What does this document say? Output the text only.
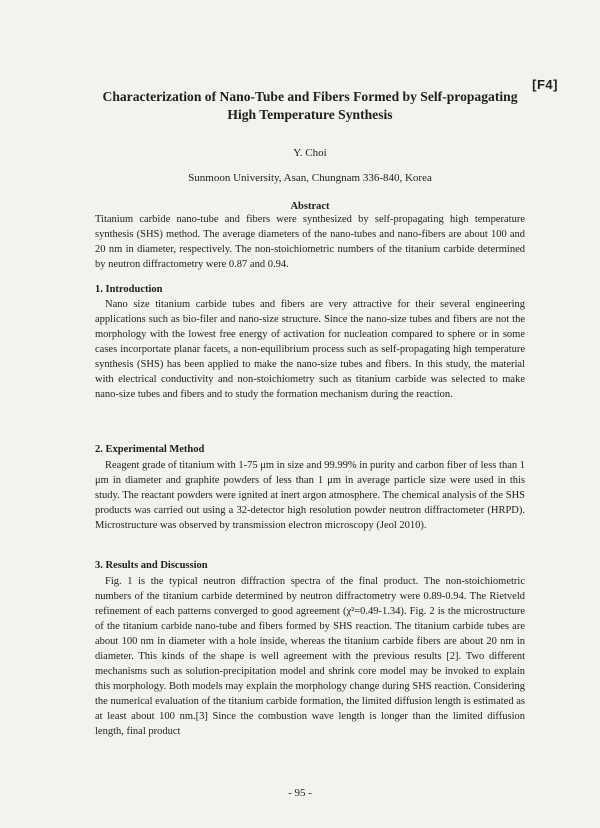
[F4]
Characterization of Nano-Tube and Fibers Formed by Self-propagating
High Temperature Synthesis
Y. Choi
Sunmoon University, Asan, Chungnam 336-840, Korea
Abstract

Titanium carbide nano-tube and fibers were synthesized by self-propagating high temperature synthesis (SHS) method. The average diameters of the nano-tubes and nano-fibers are about 100 and 20 nm in diameter, respectively. The non-stoichiometric numbers of the titanium carbide determined by neutron diffractometry were 0.87 and 0.94.

1. Introduction

Nano size titanium carbide tubes and fibers are very attractive for their several engineering applications such as bio-filer and nano-size structure. Since the nano-size tubes and fibers are not the morphology with the lowest free energy of activation for nucleation compared to sphere or in some cases incorportate planar facets, a non-equilibrium process such as self-propagating high temperature synthesis (SHS) has been applied to make the nano-size tubes and fibers. In this study, the material with electrical conductivity and non-stoichiometry such as titanium carbide was selected to make nano-size tubes and fibers and to study the formation mechanism during the reaction.

2. Experimental Method

Reagent grade of titanium with 1-75 μm in size and 99.99% in purity and carbon fiber of less than 1 μm in diameter and graphite powders of less than 1 μm in average particle size were used in this study. The reactant powders were ignited at inert argon atmosphere. The chemical analysis of the SHS products was carried out using a 32-detector high resolution powder neutron diffractometer (HRPD). Microstructure was observed by transmission electron microscopy (Jeol 2010).

3. Results and Discussion

Fig. 1 is the typical neutron diffraction spectra of the final product. The non-stoichiometric numbers of the titanium carbide determined by neutron diffractometry were 0.89-0.94. The Rietveld refinement of each patterns converged to good agreement (χ²=0.49-1.34). Fig. 2 is the microstructure of the titanium carbide nano-tube and fibers formed by SHS reaction. The titanium carbide tubes are about 100 nm in diameter with a hole inside, whereas the titanium carbide fibers are about 20 nm in diameter. This kinds of the shape is well agreement with the previous results [2]. Two different mechanisms such as solution-precipitation model and shrink core model may be invoked to explain this morphology. Both models may explain the morphology change during SHS reaction. Considering the numerical evaluation of the titanium carbide formation, the limited diffusion length is estimated as at least about 100 nm.[3] Since the combustion wave length is longer than the limited diffusion length, final product

- 95 -
